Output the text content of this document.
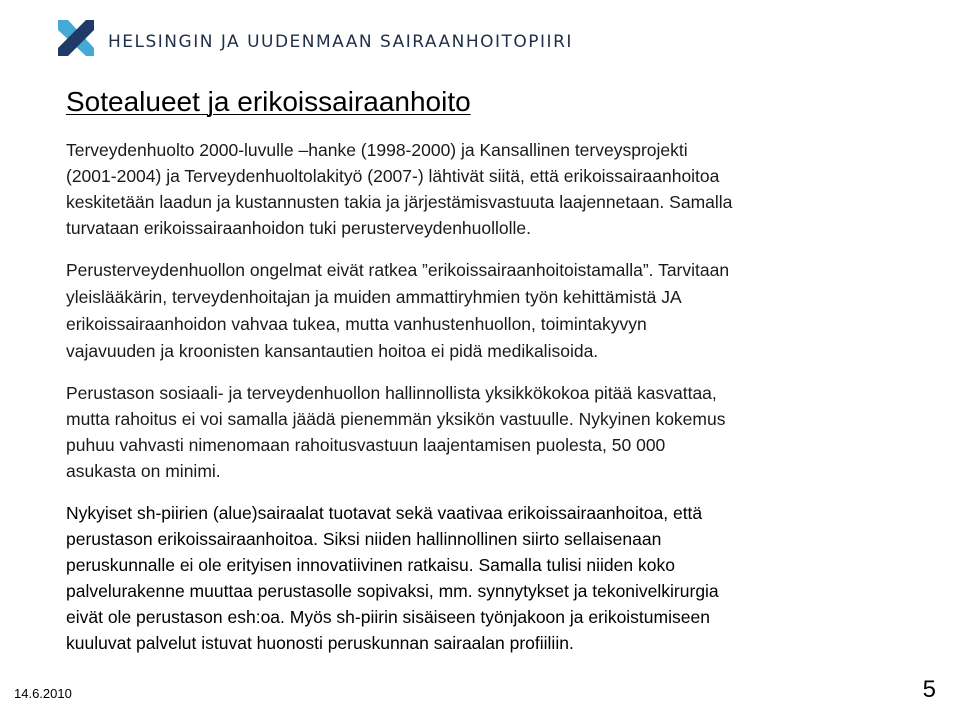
HELSINGIN JA UUDENMAAN SAIRAANHOITOPIIRI
Sotealueet ja erikoissairaanhoito

Terveydenhuolto 2000-luvulle –hanke (1998-2000) ja Kansallinen terveysprojekti
(2001-2004) ja Terveydenhuoltolakityö (2007-) lähtivät siitä, että erikoissairaanhoitoa
keskitetään laadun ja kustannusten takia ja järjestämisvastuuta laajennetaan. Samalla
turvataan erikoissairaanhoidon tuki perusterveydenhuollolle.

Perusterveydenhuollon ongelmat eivät ratkea ”erikoissairaanhoitoistamalla”. Tarvitaan
yleislääkärin, terveydenhoitajan ja muiden ammattiryhmien työn kehittämistä JA
erikoissairaanhoidon vahvaa tukea, mutta vanhustenhuollon, toimintakyvyn
vajavuuden ja kroonisten kansantautien hoitoa ei pidä medikalisoida.

Perustason sosiaali- ja terveydenhuollon hallinnollista yksikkökokoa pitää kasvattaa,
mutta rahoitus ei voi samalla jäädä pienemmän yksikön vastuulle. Nykyinen kokemus
puhuu vahvasti nimenomaan rahoitusvastuun laajentamisen puolesta, 50 000
asukasta on minimi.

Nykyiset sh-piirien (alue)sairaalat tuotavat sekä vaativaa erikoissairaanhoitoa, että
perustason erikoissairaanhoitoa. Siksi niiden hallinnollinen siirto sellaisenaan
peruskunnalle ei ole erityisen innovatiivinen ratkaisu. Samalla tulisi niiden koko
palvelurakenne muuttaa perustasolle sopivaksi, mm. synnytykset ja tekonivelkirurgia
eivät ole perustason esh:oa. Myös sh-piirin sisäiseen työnjakoon ja erikoistumiseen
kuuluvat palvelut istuvat huonosti peruskunnan sairaalan profiiliin.

14.6.2010	5
